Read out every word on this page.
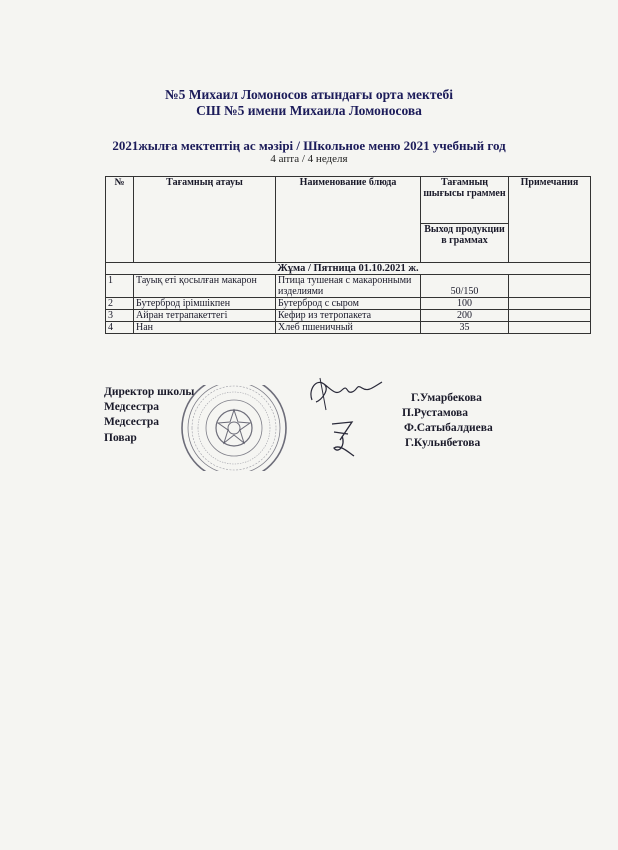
№5 Михаил Ломоносов атындағы орта мектебі
СШ №5 имени Михаила Ломоносова
2021жылға мектептің ас мәзірі / Школьное меню 2021 учебный год
4 апта / 4 неделя
№	Тағамның атауы	Наименование блюда	Тағамның шығысы граммен	Примечания
			Выход продукции в граммах	
Жұма / Пятница 01.10.2021 ж.				
1	Тауық еті қосылған макарон	Птица тушеная с макаронными изделиями	50/150	
2	Бутерброд ірімшікпен	Бутерброд с сыром	100	
3	Айран тетрапакеттегі	Кефир из тетропакета	200	
4	Нан	Хлеб пшеничный	35	
Директор школы
Медсестра
Медсестра
Повар
Г.Умарбекова
П.Рустамова
Ф.Сатыбалдиева
Г.Кульнбетова
